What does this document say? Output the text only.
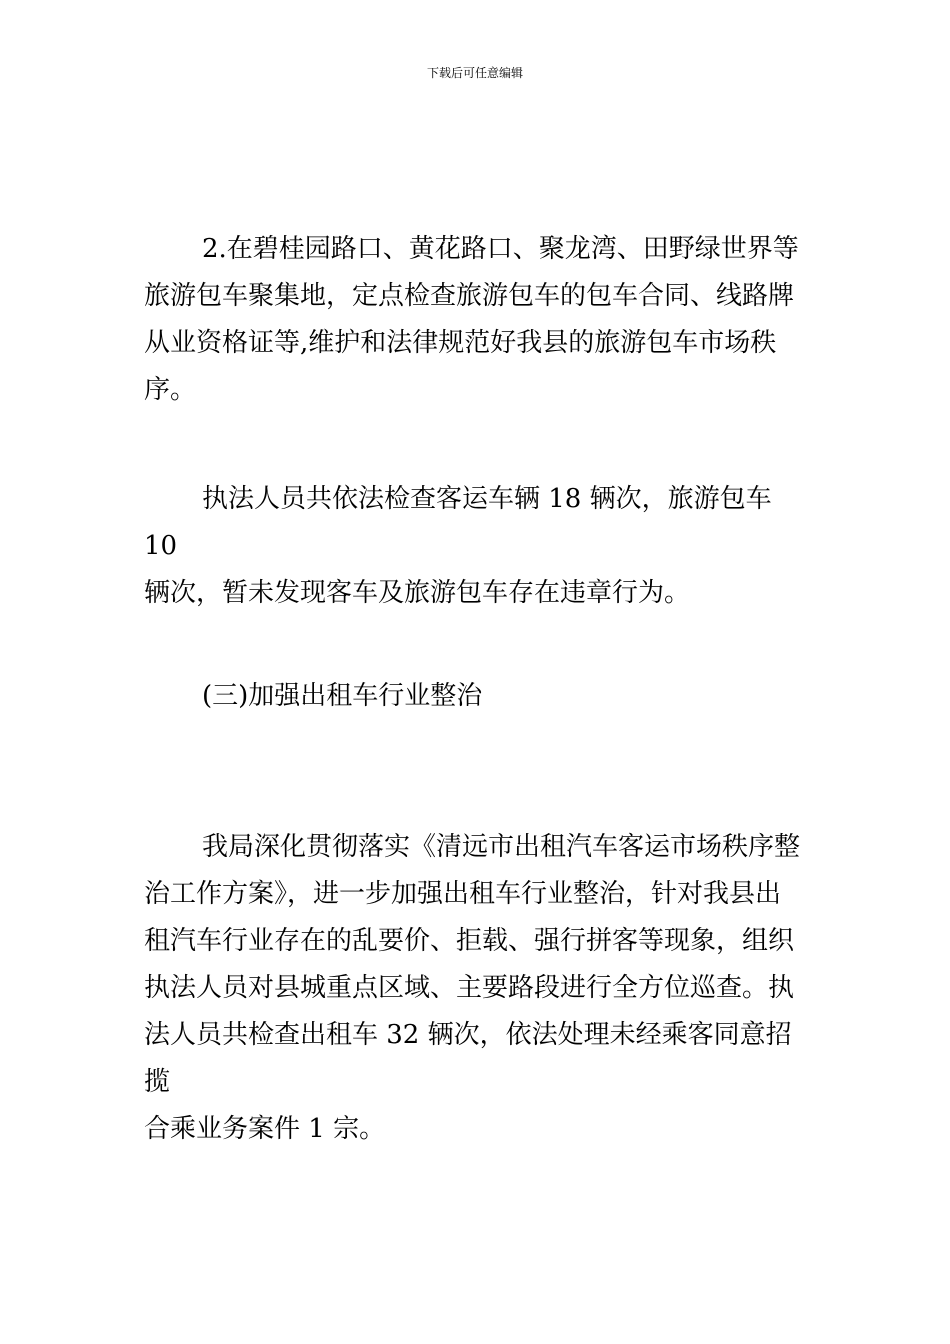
下载后可任意编辑

2.在碧桂园路口、黄花路口、聚龙湾、田野绿世界等
旅游包车聚集地，定点检查旅游包车的包车合同、线路牌
从业资格证等,维护和法律规范好我县的旅游包车市场秩序。

执法人员共依法检查客运车辆 18 辆次，旅游包车 10
辆次，暂未发现客车及旅游包车存在违章行为。

(三)加强出租车行业整治

我局深化贯彻落实《清远市出租汽车客运市场秩序整
治工作方案》，进一步加强出租车行业整治，针对我县出
租汽车行业存在的乱要价、拒载、强行拼客等现象，组织
执法人员对县城重点区域、主要路段进行全方位巡查。执
法人员共检查出租车 32 辆次，依法处理未经乘客同意招揽
合乘业务案件 1 宗。
